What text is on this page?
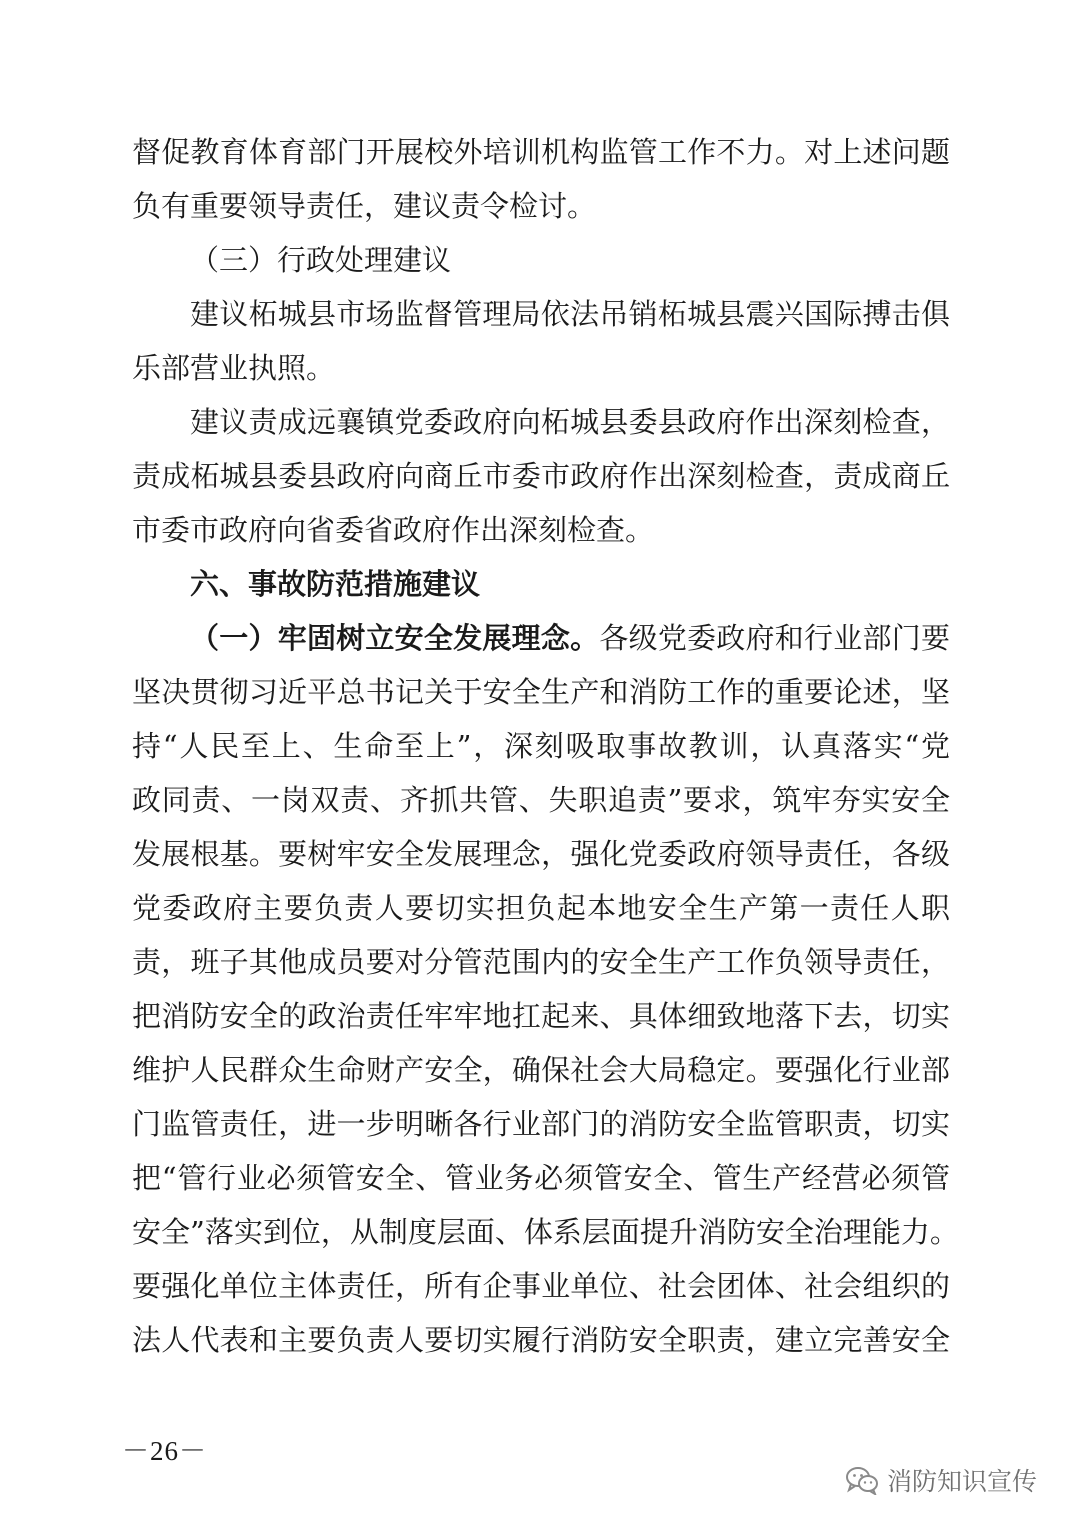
督促教育体育部门开展校外培训机构监管工作不力。对上述问题
负有重要领导责任，建议责令检讨。
（三）行政处理建议
建议柘城县市场监督管理局依法吊销柘城县震兴国际搏击俱
乐部营业执照。
建议责成远襄镇党委政府向柘城县委县政府作出深刻检查，
责成柘城县委县政府向商丘市委市政府作出深刻检查，责成商丘
市委市政府向省委省政府作出深刻检查。
六、事故防范措施建议
（一）牢固树立安全发展理念。各级党委政府和行业部门要
坚决贯彻习近平总书记关于安全生产和消防工作的重要论述，坚
持“人民至上、生命至上”，深刻吸取事故教训，认真落实“党
政同责、一岗双责、齐抓共管、失职追责”要求，筑牢夯实安全
发展根基。要树牢安全发展理念，强化党委政府领导责任，各级
党委政府主要负责人要切实担负起本地安全生产第一责任人职
责，班子其他成员要对分管范围内的安全生产工作负领导责任，
把消防安全的政治责任牢牢地扛起来、具体细致地落下去，切实
维护人民群众生命财产安全，确保社会大局稳定。要强化行业部
门监管责任，进一步明晰各行业部门的消防安全监管职责，切实
把“管行业必须管安全、管业务必须管安全、管生产经营必须管
安全”落实到位，从制度层面、体系层面提升消防安全治理能力。
要强化单位主体责任，所有企事业单位、社会团体、社会组织的
法人代表和主要负责人要切实履行消防安全职责，建立完善安全
－26－
消防知识宣传
